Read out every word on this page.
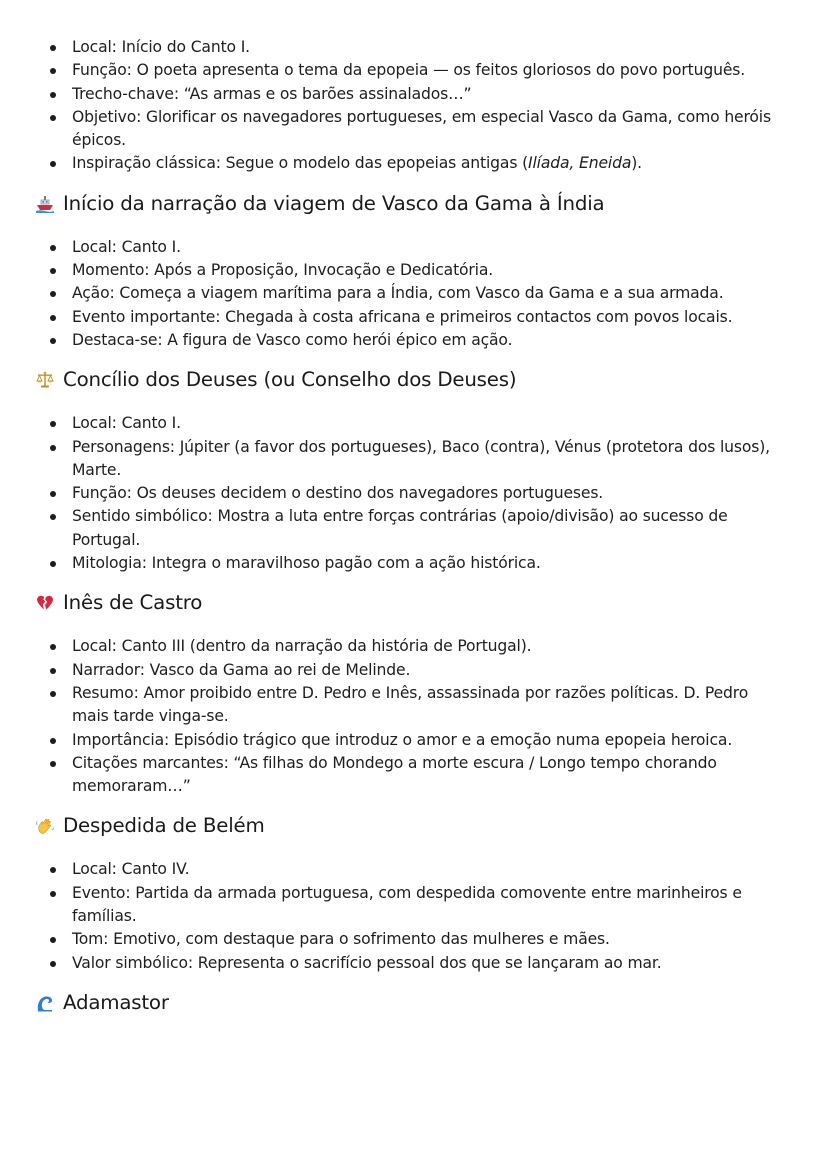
Local: Início do Canto I.
Função: O poeta apresenta o tema da epopeia — os feitos gloriosos do povo português.
Trecho-chave: “As armas e os barões assinalados…”
Objetivo: Glorificar os navegadores portugueses, em especial Vasco da Gama, como heróis épicos.
Inspiração clássica: Segue o modelo das epopeias antigas (Ilíada, Eneida).
Início da narração da viagem de Vasco da Gama à Índia
Local: Canto I.
Momento: Após a Proposição, Invocação e Dedicatória.
Ação: Começa a viagem marítima para a Índia, com Vasco da Gama e a sua armada.
Evento importante: Chegada à costa africana e primeiros contactos com povos locais.
Destaca-se: A figura de Vasco como herói épico em ação.
Concílio dos Deuses (ou Conselho dos Deuses)
Local: Canto I.
Personagens: Júpiter (a favor dos portugueses), Baco (contra), Vénus (protetora dos lusos), Marte.
Função: Os deuses decidem o destino dos navegadores portugueses.
Sentido simbólico: Mostra a luta entre forças contrárias (apoio/divisão) ao sucesso de Portugal.
Mitologia: Integra o maravilhoso pagão com a ação histórica.
Inês de Castro
Local: Canto III (dentro da narração da história de Portugal).
Narrador: Vasco da Gama ao rei de Melinde.
Resumo: Amor proibido entre D. Pedro e Inês, assassinada por razões políticas. D. Pedro mais tarde vinga-se.
Importância: Episódio trágico que introduz o amor e a emoção numa epopeia heroica.
Citações marcantes: “As filhas do Mondego a morte escura / Longo tempo chorando memoraram…”
Despedida de Belém
Local: Canto IV.
Evento: Partida da armada portuguesa, com despedida comovente entre marinheiros e famílias.
Tom: Emotivo, com destaque para o sofrimento das mulheres e mães.
Valor simbólico: Representa o sacrifício pessoal dos que se lançaram ao mar.
Adamastor
